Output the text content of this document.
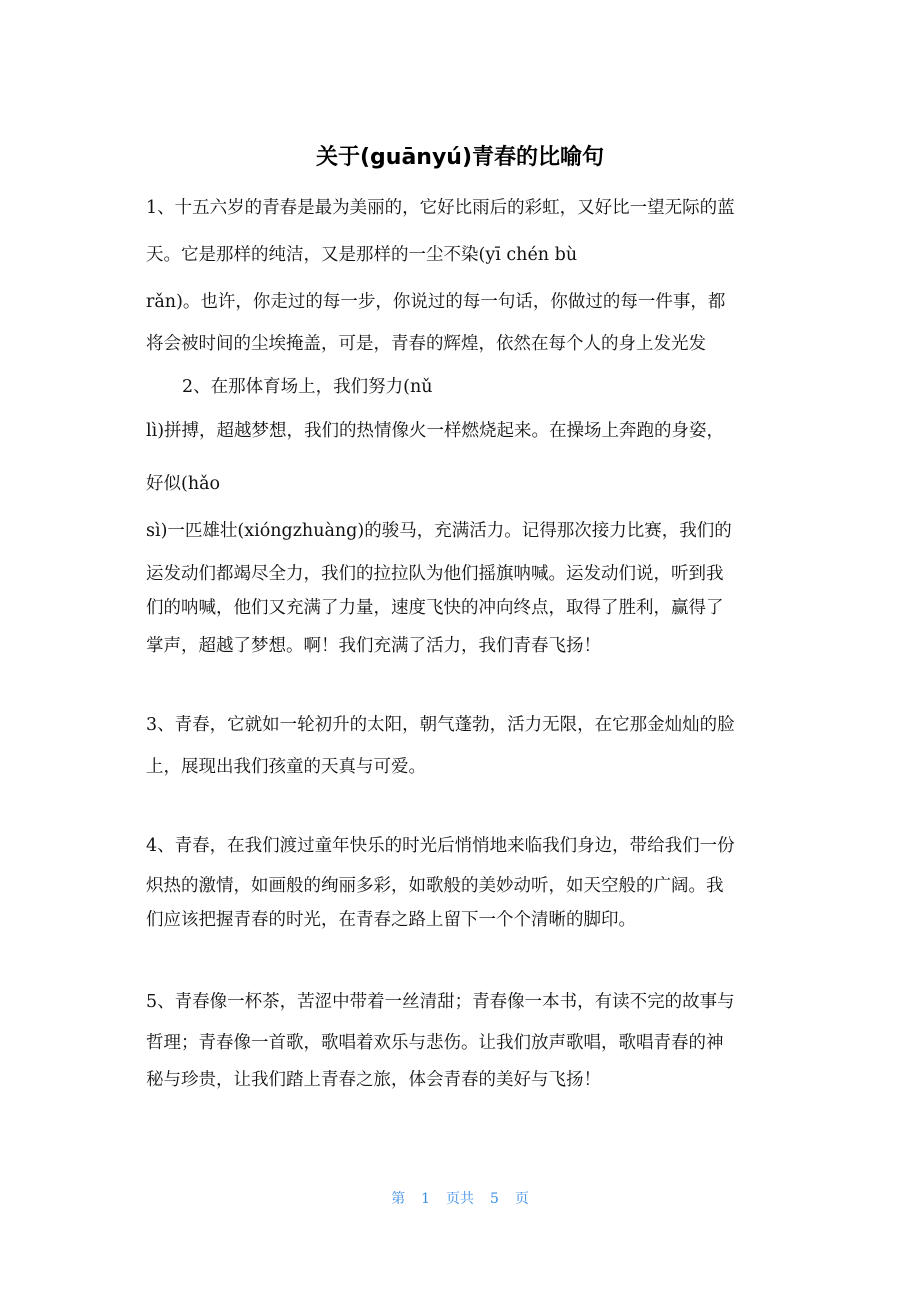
关于(guānyú)青春的比喻句
1、十五六岁的青春是最为美丽的，它好比雨后的彩虹，又好比一望无际的蓝
天。它是那样的纯洁，又是那样的一尘不染(yī chén bù
rǎn)。也许，你走过的每一步，你说过的每一句话，你做过的每一件事，都
将会被时间的尘埃掩盖，可是，青春的辉煌，依然在每个人的身上发光发
2、在那体育场上，我们努力(nǔ
lì)拼搏，超越梦想，我们的热情像火一样燃烧起来。在操场上奔跑的身姿，
好似(hǎo
sì)一匹雄壮(xióngzhuàng)的骏马，充满活力。记得那次接力比赛，我们的
运发动们都竭尽全力，我们的拉拉队为他们摇旗呐喊。运发动们说，听到我
们的呐喊，他们又充满了力量，速度飞快的冲向终点，取得了胜利，赢得了
掌声，超越了梦想。啊！我们充满了活力，我们青春飞扬！
3、青春，它就如一轮初升的太阳，朝气蓬勃，活力无限，在它那金灿灿的脸
上，展现出我们孩童的天真与可爱。
4、青春，在我们渡过童年快乐的时光后悄悄地来临我们身边，带给我们一份
炽热的激情，如画般的绚丽多彩，如歌般的美妙动听，如天空般的广阔。我
们应该把握青春的时光，在青春之路上留下一个个清晰的脚印。
5、青春像一杯茶，苦涩中带着一丝清甜；青春像一本书，有读不完的故事与
哲理；青春像一首歌，歌唱着欢乐与悲伤。让我们放声歌唱，歌唱青春的神
秘与珍贵，让我们踏上青春之旅，体会青春的美好与飞扬！
第 1 页共 5 页
